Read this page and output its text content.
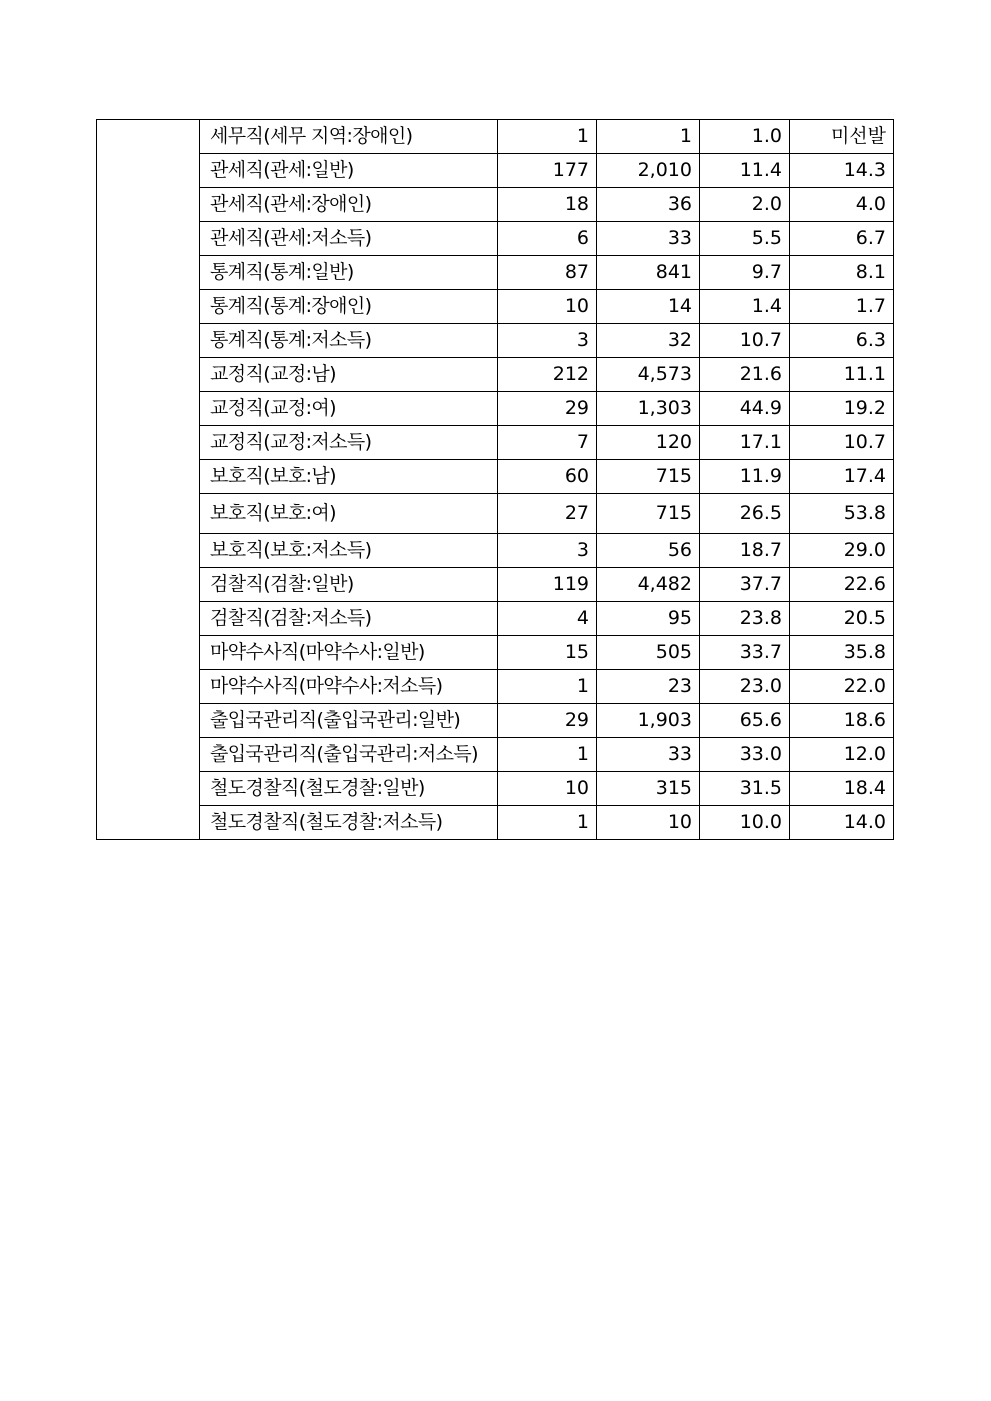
	세무직(세무 지역:장애인)	1	1	1.0	미선발
	관세직(관세:일반)	177	2,010	11.4	14.3
	관세직(관세:장애인)	18	36	2.0	4.0
	관세직(관세:저소득)	6	33	5.5	6.7
	통계직(통계:일반)	87	841	9.7	8.1
	통계직(통계:장애인)	10	14	1.4	1.7
	통계직(통계:저소득)	3	32	10.7	6.3
	교정직(교정:남)	212	4,573	21.6	11.1
	교정직(교정:여)	29	1,303	44.9	19.2
	교정직(교정:저소득)	7	120	17.1	10.7
	보호직(보호:남)	60	715	11.9	17.4
	보호직(보호:여)	27	715	26.5	53.8
	보호직(보호:저소득)	3	56	18.7	29.0
	검찰직(검찰:일반)	119	4,482	37.7	22.6
	검찰직(검찰:저소득)	4	95	23.8	20.5
	마약수사직(마약수사:일반)	15	505	33.7	35.8
	마약수사직(마약수사:저소득)	1	23	23.0	22.0
	출입국관리직(출입국관리:일반)	29	1,903	65.6	18.6
	출입국관리직(출입국관리:저소득)	1	33	33.0	12.0
	철도경찰직(철도경찰:일반)	10	315	31.5	18.4
	철도경찰직(철도경찰:저소득)	1	10	10.0	14.0
